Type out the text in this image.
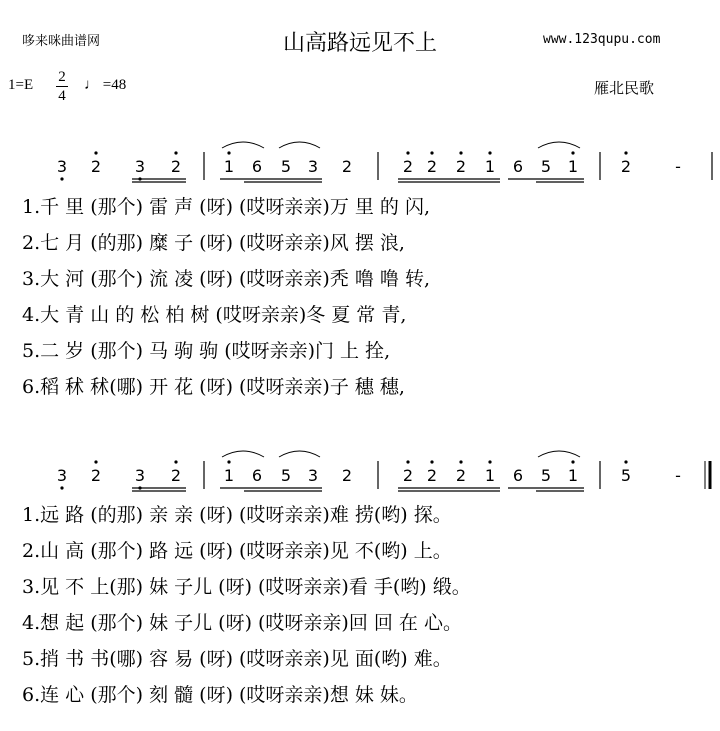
哆来咪曲谱网	山高路远见不上	www.123qupu.com
1=E 2
4
♩ =48	雁北民歌
3 2 3 2	1 6 5 3 2	2 2 2 1 6 5 1	2	-
3 2 3 2	1 6 5 3 2	2 2 2 1 6 5 1	5	-
1.千 里 (那个) 雷 声 (呀) (哎呀亲亲)万 里 的 闪,
2.七 月 (的那) 糜 子 (呀) (哎呀亲亲)风 摆 浪,
3.大 河 (那个) 流 凌 (呀) (哎呀亲亲)秃 噜 噜 转,
4.大 青 山 的 松 柏 树 (哎呀亲亲)冬 夏 常 青,
5.二 岁 (那个) 马 驹 驹 (哎呀亲亲)门 上 拴,
6.稻 秫 秫(哪) 开 花 (呀) (哎呀亲亲)子 穗 穗,
1.远 路 (的那) 亲 亲 (呀) (哎呀亲亲)难 捞(哟) 探。
2.山 高 (那个) 路 远 (呀) (哎呀亲亲)见 不(哟) 上。
3.见 不 上(那) 妹 子儿 (呀) (哎呀亲亲)看 手(哟) 缎。
4.想 起 (那个) 妹 子儿 (呀) (哎呀亲亲)回 回 在 心。
5.捎 书 书(哪) 容 易 (呀) (哎呀亲亲)见 面(哟) 难。
6.连 心 (那个) 刻 髓 (呀) (哎呀亲亲)想 妹 妹。
